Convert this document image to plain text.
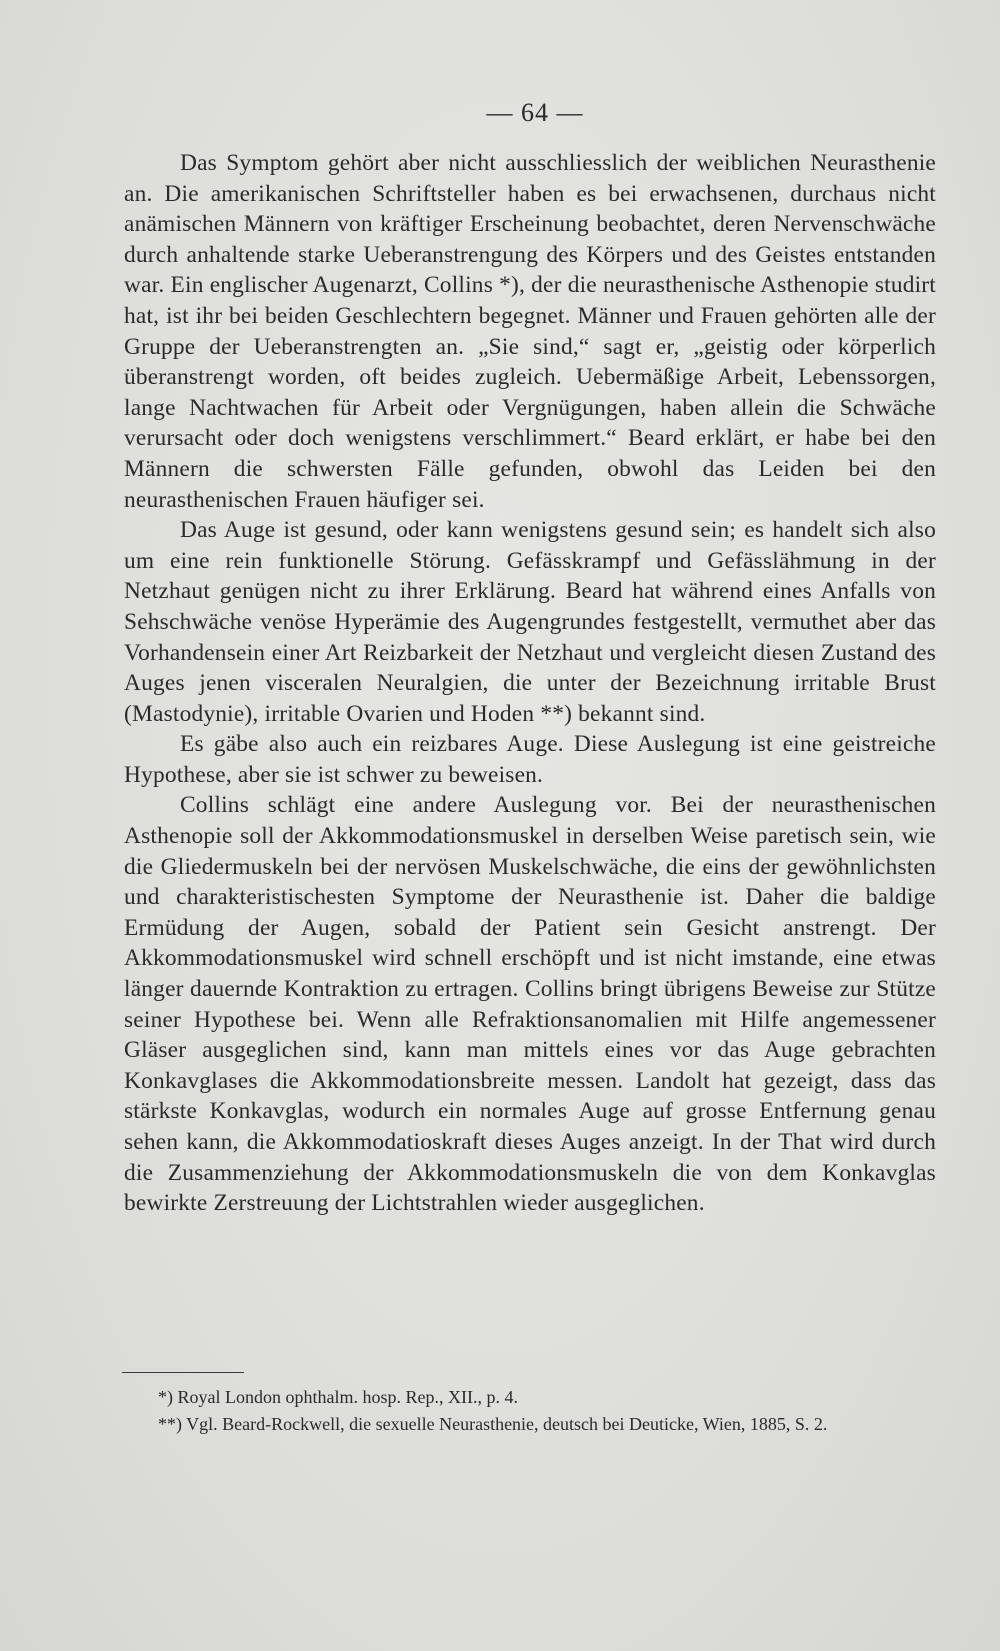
— 64 —

Das Symptom gehört aber nicht ausschliesslich der weiblichen Neurasthenie an. Die amerikanischen Schriftsteller haben es bei erwachsenen, durchaus nicht anämischen Männern von kräftiger Erscheinung beobachtet, deren Nervenschwäche durch anhaltende starke Ueberanstrengung des Körpers und des Geistes entstanden war. Ein englischer Augenarzt, Collins *), der die neurasthenische Asthenopie studirt hat, ist ihr bei beiden Geschlechtern begegnet. Männer und Frauen gehörten alle der Gruppe der Ueberanstrengten an. „Sie sind,“ sagt er, „geistig oder körperlich überanstrengt worden, oft beides zugleich. Uebermäßige Arbeit, Lebenssorgen, lange Nachtwachen für Arbeit oder Vergnügungen, haben allein die Schwäche verursacht oder doch wenigstens verschlimmert.“ Beard erklärt, er habe bei den Männern die schwersten Fälle gefunden, obwohl das Leiden bei den neurasthenischen Frauen häufiger sei.

Das Auge ist gesund, oder kann wenigstens gesund sein; es handelt sich also um eine rein funktionelle Störung. Gefässkrampf und Gefässlähmung in der Netzhaut genügen nicht zu ihrer Erklärung. Beard hat während eines Anfalls von Sehschwäche venöse Hyperämie des Augengrundes festgestellt, vermuthet aber das Vorhandensein einer Art Reizbarkeit der Netzhaut und vergleicht diesen Zustand des Auges jenen visceralen Neuralgien, die unter der Bezeichnung irritable Brust (Mastodynie), irritable Ovarien und Hoden **) bekannt sind.

Es gäbe also auch ein reizbares Auge. Diese Auslegung ist eine geistreiche Hypothese, aber sie ist schwer zu beweisen.

Collins schlägt eine andere Auslegung vor. Bei der neurasthenischen Asthenopie soll der Akkommodationsmuskel in derselben Weise paretisch sein, wie die Gliedermuskeln bei der nervösen Muskelschwäche, die eins der gewöhnlichsten und charakteristischesten Symptome der Neurasthenie ist. Daher die baldige Ermüdung der Augen, sobald der Patient sein Gesicht anstrengt. Der Akkommodationsmuskel wird schnell erschöpft und ist nicht imstande, eine etwas länger dauernde Kontraktion zu ertragen. Collins bringt übrigens Beweise zur Stütze seiner Hypothese bei. Wenn alle Refraktionsanomalien mit Hilfe angemessener Gläser ausgeglichen sind, kann man mittels eines vor das Auge gebrachten Konkavglases die Akkommodationsbreite messen. Landolt hat gezeigt, dass das stärkste Konkavglas, wodurch ein normales Auge auf grosse Entfernung genau sehen kann, die Akkommodatioskraft dieses Auges anzeigt. In der That wird durch die Zusammenziehung der Akkommodationsmuskeln die von dem Konkavglas bewirkte Zerstreuung der Lichtstrahlen wieder ausgeglichen.

*) Royal London ophthalm. hosp. Rep., XII., p. 4.

**) Vgl. Beard-Rockwell, die sexuelle Neurasthenie, deutsch bei Deuticke, Wien, 1885, S. 2.
